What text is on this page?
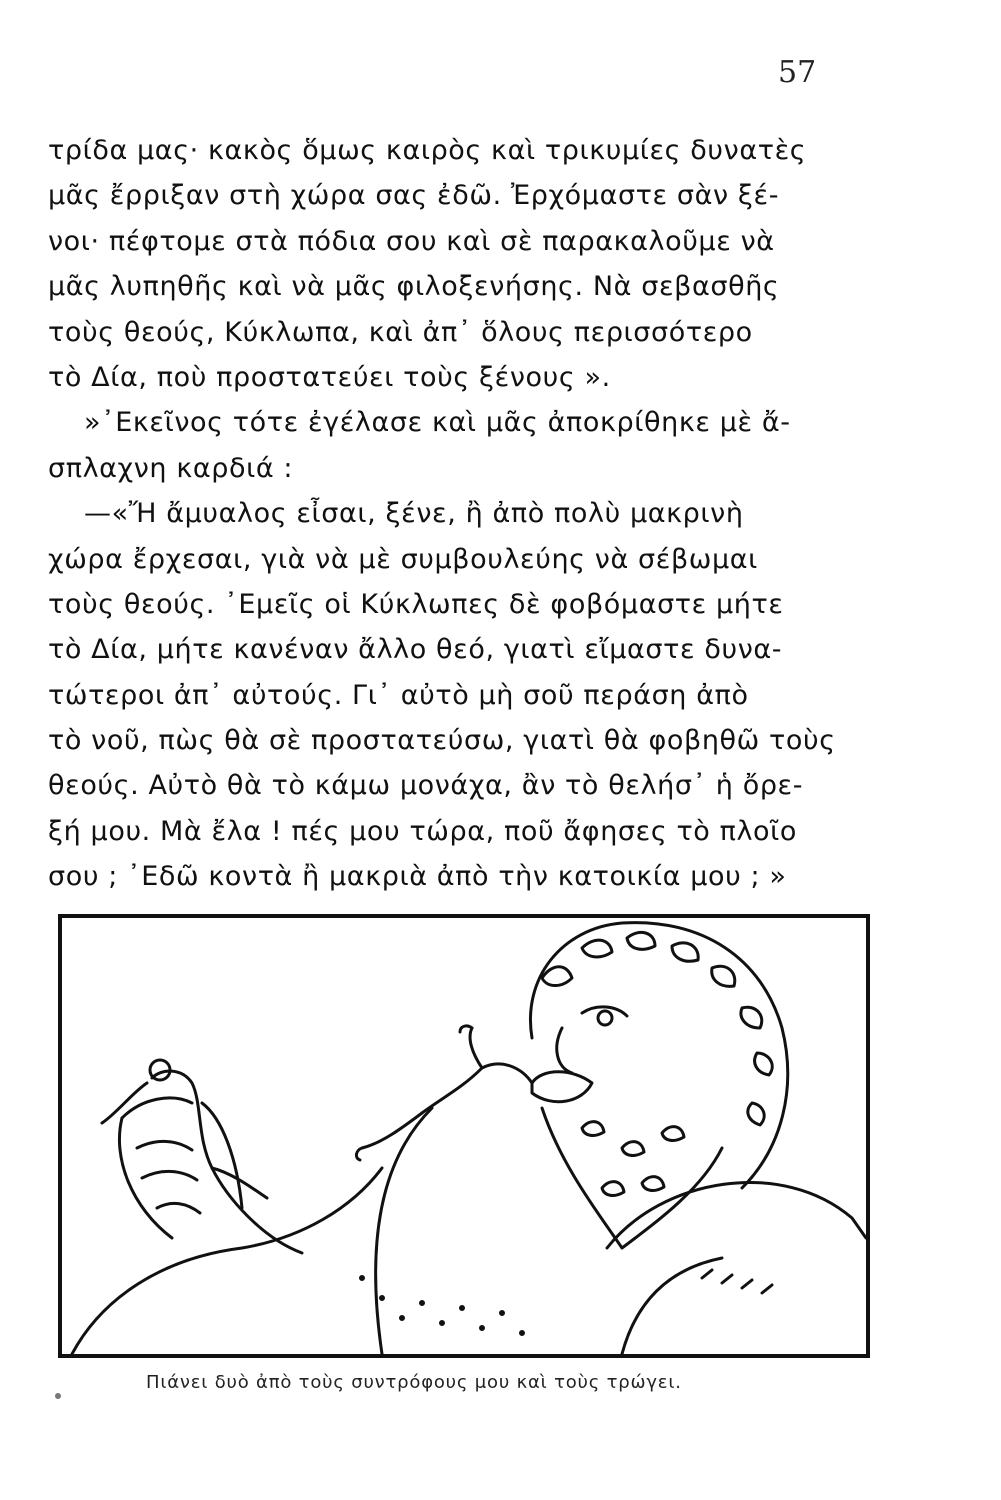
57
τρίδα μας· κακὸς ὅμως καιρὸς καὶ τρικυμίες δυνατὲς
μᾶς ἔρριξαν στὴ χώρα σας ἐδῶ. Ἐρχόμαστε σὰν ξέ-
νοι· πέφτομε στὰ πόδια σου καὶ σὲ παρακαλοῦμε νὰ
μᾶς λυπηθῆς καὶ νὰ μᾶς φιλοξενήσης. Νὰ σεβασθῆς
τοὺς θεούς, Κύκλωπα, καὶ ἀπ᾿ ὅλους περισσότερο
τὸ Δία, ποὺ προστατεύει τοὺς ξένους ».
»᾿Εκεῖνος τότε ἐγέλασε καὶ μᾶς ἀποκρίθηκε μὲ ἄ-
σπλαχνη καρδιά :
—«Ἤ ἄμυαλος εἶσαι, ξένε, ἢ ἀπὸ πολὺ μακρινὴ
χώρα ἔρχεσαι, γιὰ νὰ μὲ συμβουλεύης νὰ σέβωμαι
τοὺς θεούς. ᾿Εμεῖς οἱ Κύκλωπες δὲ φοβόμαστε μήτε
τὸ Δία, μήτε κανέναν ἄλλο θεό, γιατὶ εἴμαστε δυνα-
τώτεροι ἀπ᾿ αὐτούς. Γι᾿ αὐτὸ μὴ σοῦ περάση ἀπὸ
τὸ νοῦ, πὼς θὰ σὲ προστατεύσω, γιατὶ θὰ φοβηθῶ τοὺς
θεούς. Αὐτὸ θὰ τὸ κάμω μονάχα, ἂν τὸ θελήσ᾿ ἡ ὄρε-
ξή μου. Μὰ ἔλα ! πές μου τώρα, ποῦ ἄφησες τὸ πλοῖο
σου ; ᾿Εδῶ κοντὰ ἢ μακριὰ ἀπὸ τὴν κατοικία μου ; »
Πιάνει δυὸ ἀπὸ τοὺς συντρόφους μου καὶ τοὺς τρώγει.
